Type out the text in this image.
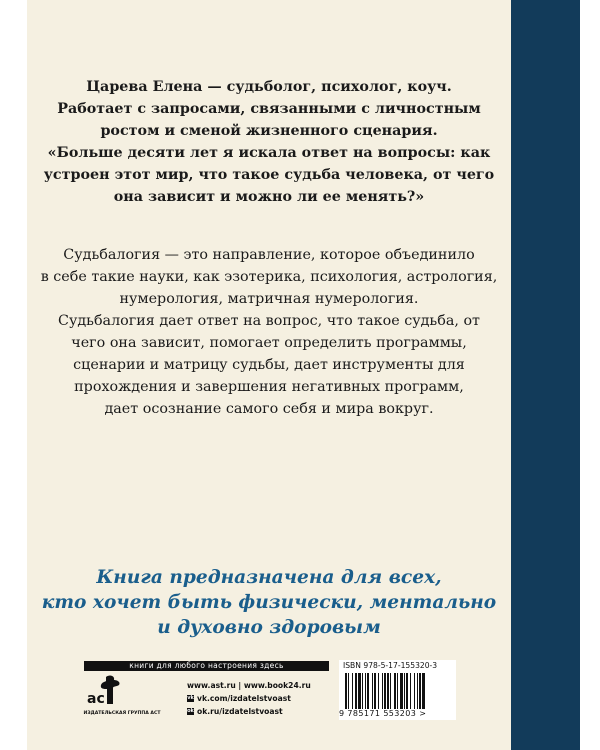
Царева Елена — судьболог, психолог, коуч.
Работает с запросами, связанными с личностным
ростом и сменой жизненного сценария.
«Больше десяти лет я искала ответ на вопросы: как
устроен этот мир, что такое судьба человека, от чего
она зависит и можно ли ее менять?»
Судьбалогия — это направление, которое объединило
в себе такие науки, как эзотерика, психология, астрология,
нумерология, матричная нумерология.
Судьбалогия дает ответ на вопрос, что такое судьба, от
чего она зависит, помогает определить программы,
сценарии и матрицу судьбы, дает инструменты для
прохождения и завершения негативных программ,
дает осознание самого себя и мира вокруг.
Книга предназначена для всех,
кто хочет быть физически, ментально
и духовно здоровым
книги для любого настроения здесь
ac
ИЗДАТЕЛЬСКАЯ ГРУППА АСТ
www.ast.ru | www.book24.ru
vk vk.com/izdatelstvoast
ok ok.ru/izdatelstvoast
ISBN 978-5-17-155320-3
9 785171 553203 >
